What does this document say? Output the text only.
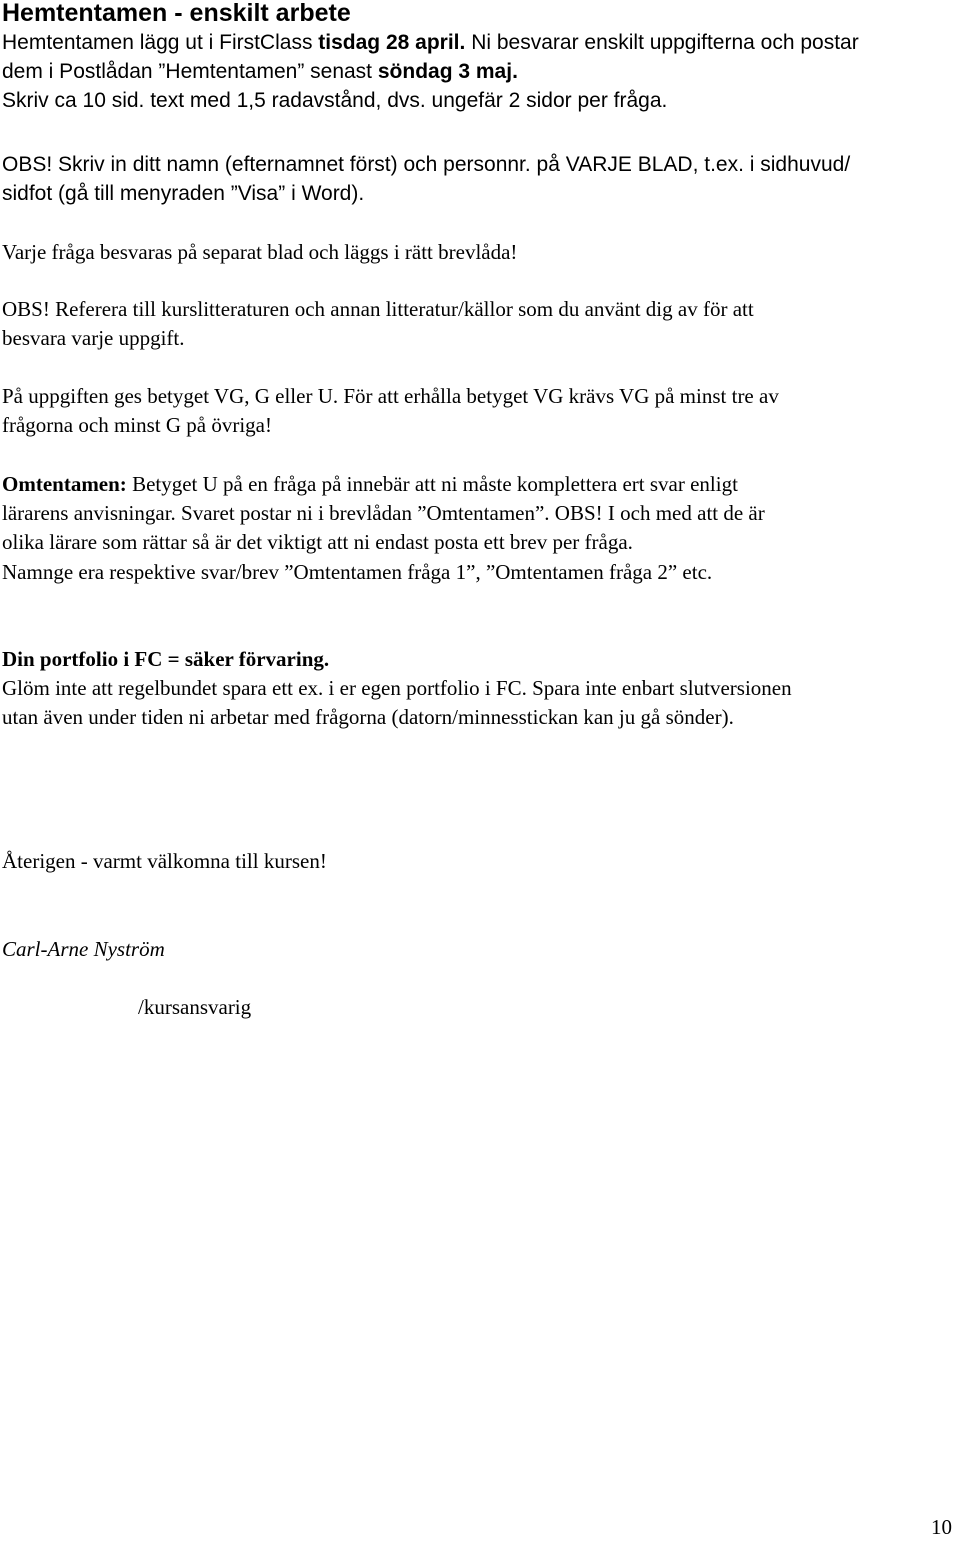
Hemtentamen - enskilt arbete
Hemtentamen lägg ut i FirstClass tisdag 28 april. Ni besvarar enskilt uppgifterna och postar
dem i Postlådan ”Hemtentamen” senast söndag 3 maj.
Skriv ca 10 sid. text med 1,5 radavstånd, dvs. ungefär 2 sidor per fråga.
OBS! Skriv in ditt namn (efternamnet först) och personnr. på VARJE BLAD, t.ex. i sidhuvud/
sidfot (gå till menyraden ”Visa” i Word).
Varje fråga besvaras på separat blad och läggs i rätt brevlåda!
OBS! Referera till kurslitteraturen och annan litteratur/källor som du använt dig av för att
besvara varje uppgift.
På uppgiften ges betyget VG, G eller U. För att erhålla betyget VG krävs VG på minst tre av
frågorna och minst G på övriga!
Omtentamen: Betyget U på en fråga på innebär att ni måste komplettera ert svar enligt
lärarens anvisningar. Svaret postar ni i brevlådan ”Omtentamen”. OBS! I och med att de är
olika lärare som rättar så är det viktigt att ni endast posta ett brev per fråga.
Namnge era respektive svar/brev ”Omtentamen fråga 1”, ”Omtentamen fråga 2” etc.
Din portfolio i FC = säker förvaring.
Glöm inte att regelbundet spara ett ex. i er egen portfolio i FC. Spara inte enbart slutversionen
utan även under tiden ni arbetar med frågorna (datorn/minnesstickan kan ju gå sönder).
Återigen - varmt välkomna till kursen!
Carl-Arne Nyström
/kursansvarig
10
